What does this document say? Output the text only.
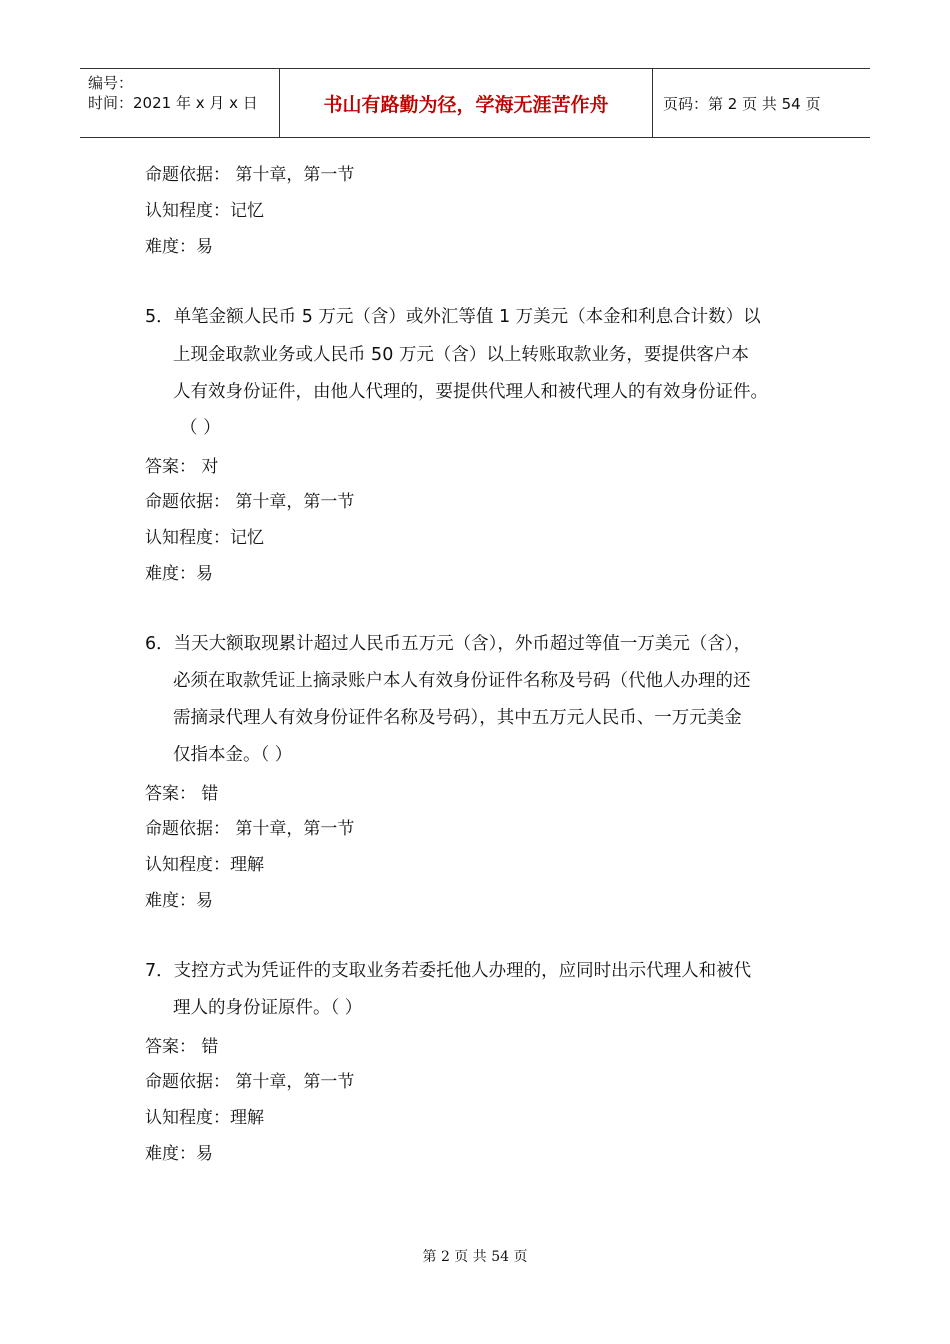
编号：
时间：2021 年 x 月 x 日	书山有路勤为径，学海无涯苦作舟	页码：第 2 页 共 54 页
命题依据： 第十章，第一节
认知程度：记忆
难度：易
5．单笔金额人民币 5 万元（含）或外汇等值 1 万美元（本金和利息合计数）以
上现金取款业务或人民币 50 万元（含）以上转账取款业务，要提供客户本
人有效身份证件，由他人代理的，要提供代理人和被代理人的有效身份证件。
（ ）
答案： 对
命题依据： 第十章，第一节
认知程度：记忆
难度：易
6．当天大额取现累计超过人民币五万元（含），外币超过等值一万美元（含），
必须在取款凭证上摘录账户本人有效身份证件名称及号码（代他人办理的还
需摘录代理人有效身份证件名称及号码），其中五万元人民币、一万元美金
仅指本金。（ ）
答案： 错
命题依据： 第十章，第一节
认知程度：理解
难度：易
7．支控方式为凭证件的支取业务若委托他人办理的，应同时出示代理人和被代
理人的身份证原件。（ ）
答案： 错
命题依据： 第十章，第一节
认知程度：理解
难度：易
第 2 页 共 54 页
